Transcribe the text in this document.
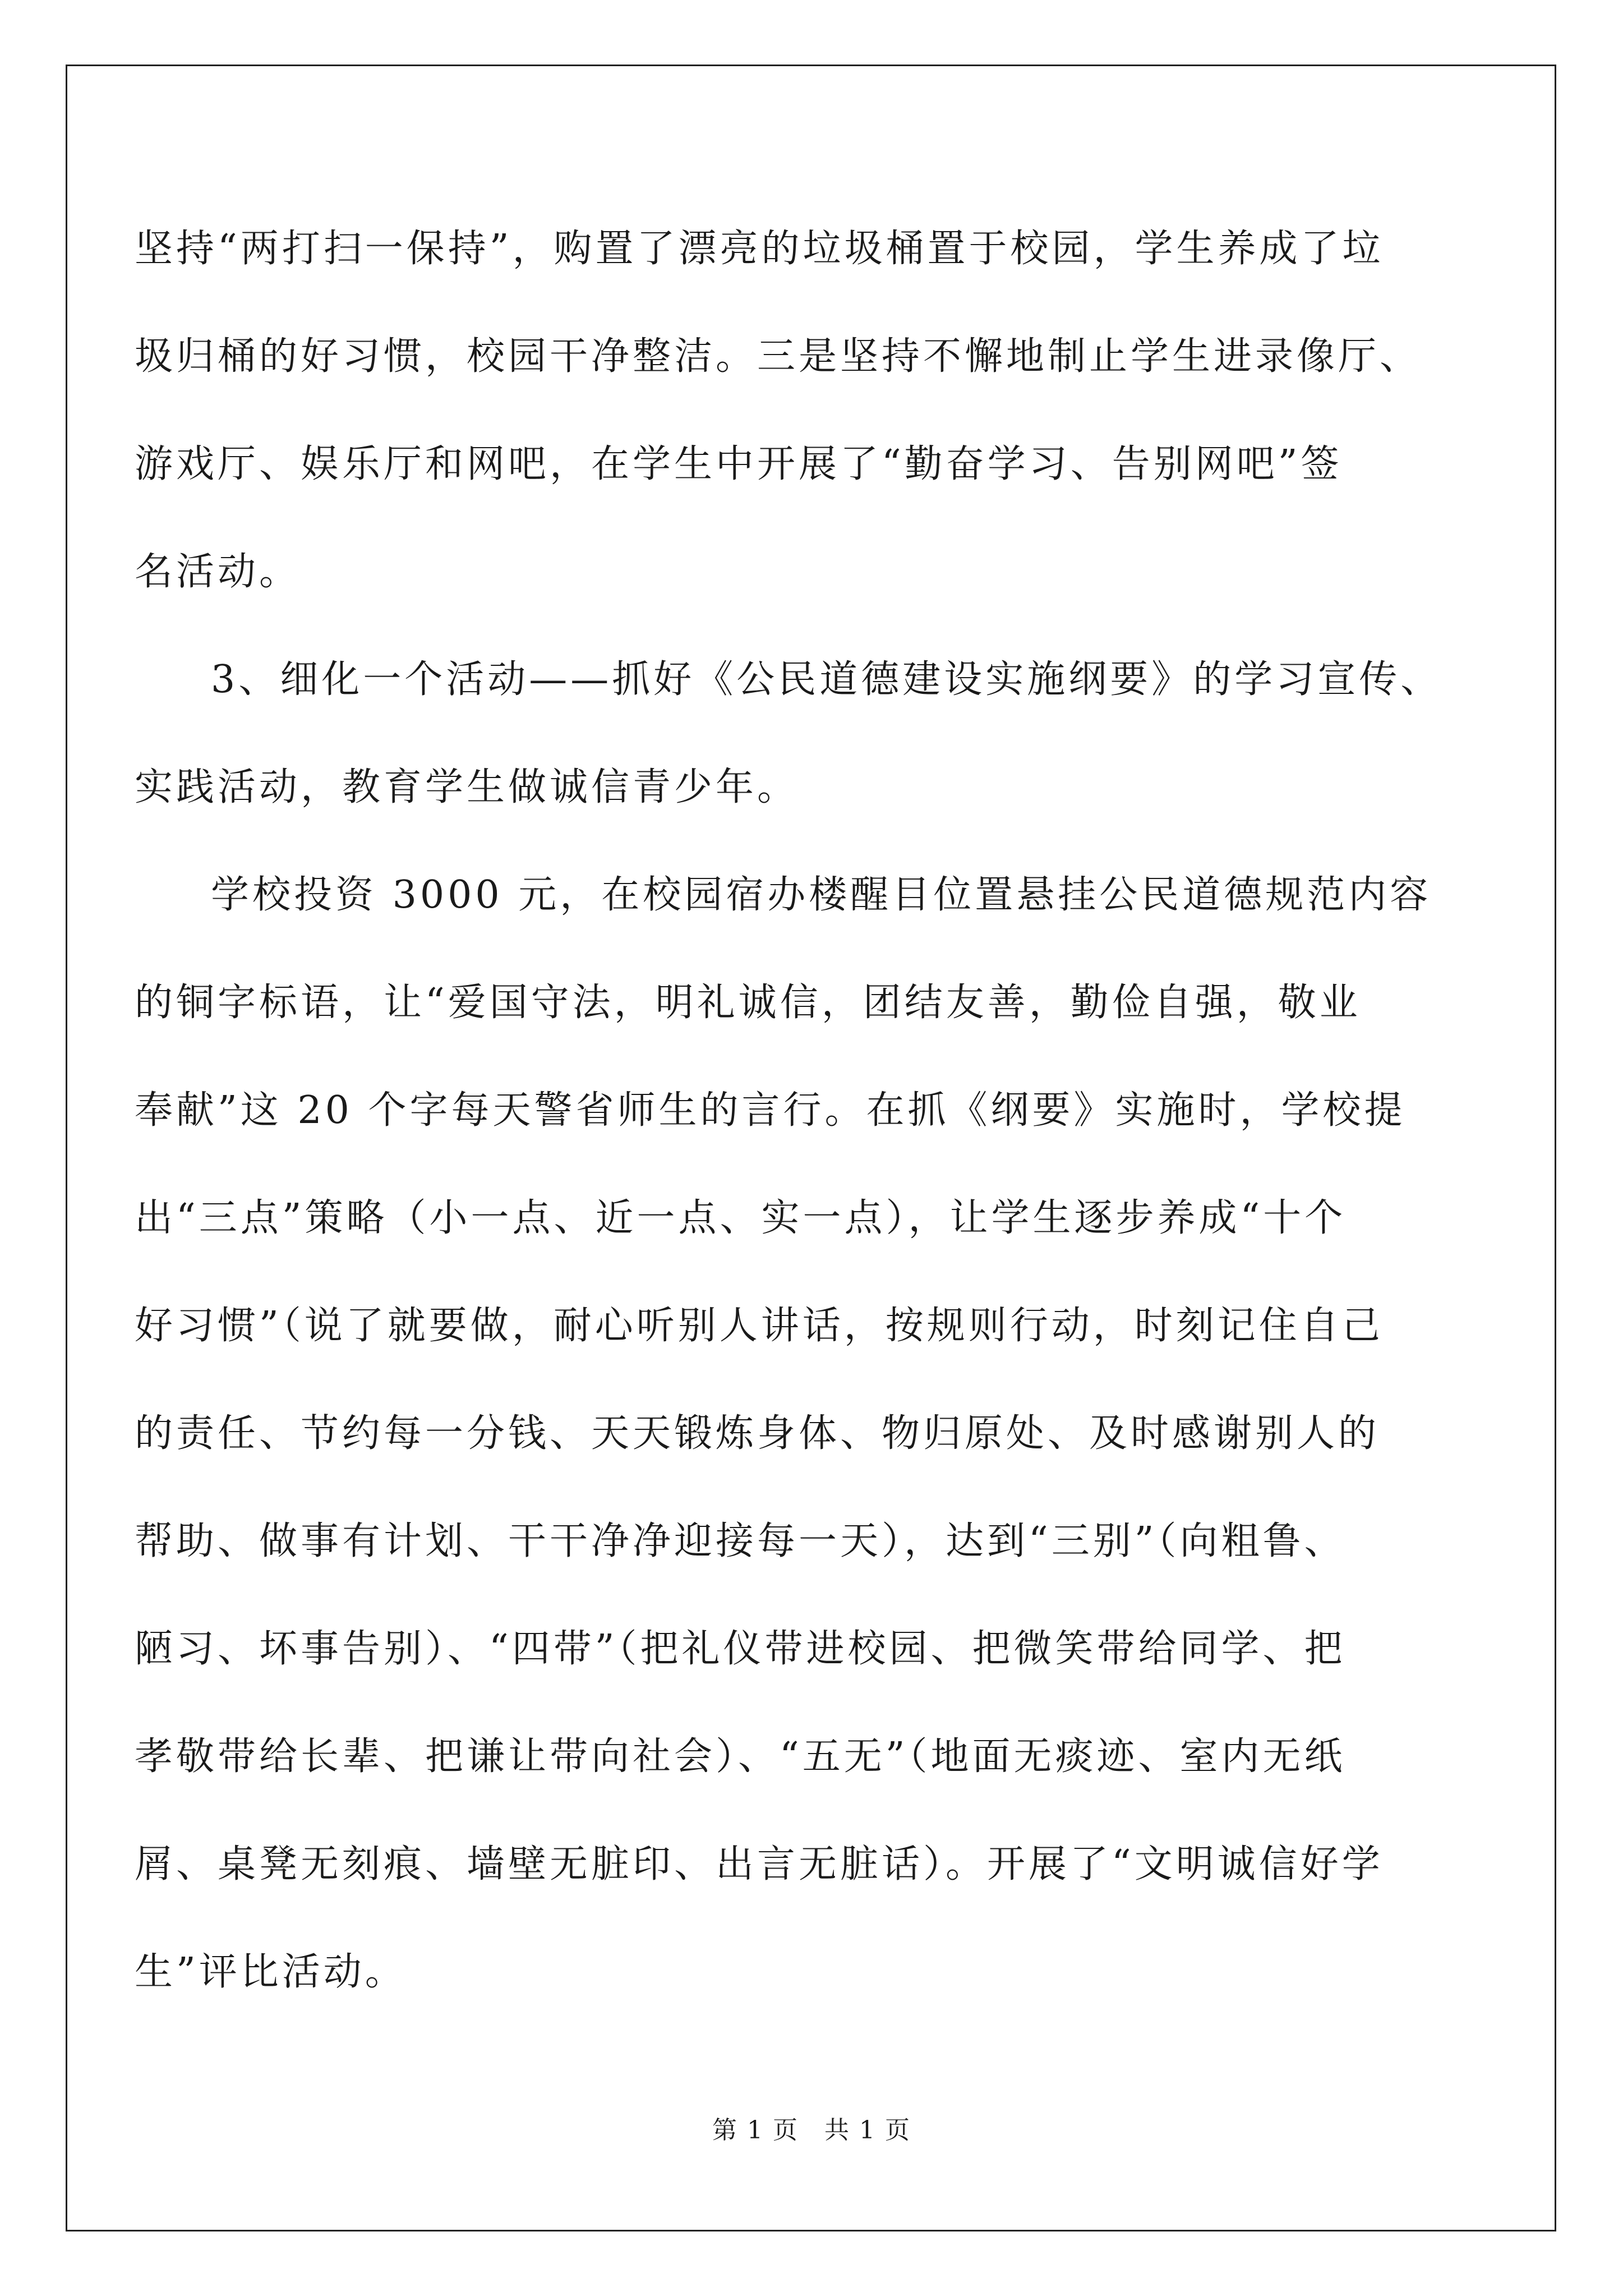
坚持“两打扫一保持”，购置了漂亮的垃圾桶置于校园，学生养成了垃
圾归桶的好习惯，校园干净整洁。三是坚持不懈地制止学生进录像厅、
游戏厅、娱乐厅和网吧，在学生中开展了“勤奋学习、告别网吧”签
名活动。
3、细化一个活动——抓好《公民道德建设实施纲要》的学习宣传、
实践活动，教育学生做诚信青少年。
学校投资 3000 元，在校园宿办楼醒目位置悬挂公民道德规范内容
的铜字标语，让“爱国守法，明礼诚信，团结友善，勤俭自强，敬业
奉献”这 20 个字每天警省师生的言行。在抓《纲要》实施时，学校提
出“三点”策略（小一点、近一点、实一点），让学生逐步养成“十个
好习惯”（说了就要做，耐心听别人讲话，按规则行动，时刻记住自己
的责任、节约每一分钱、天天锻炼身体、物归原处、及时感谢别人的
帮助、做事有计划、干干净净迎接每一天），达到“三别”（向粗鲁、
陋习、坏事告别）、“四带”（把礼仪带进校园、把微笑带给同学、把
孝敬带给长辈、把谦让带向社会）、“五无”（地面无痰迹、室内无纸
屑、桌凳无刻痕、墙壁无脏印、出言无脏话）。开展了“文明诚信好学
生”评比活动。
第 1 页　共 1 页
